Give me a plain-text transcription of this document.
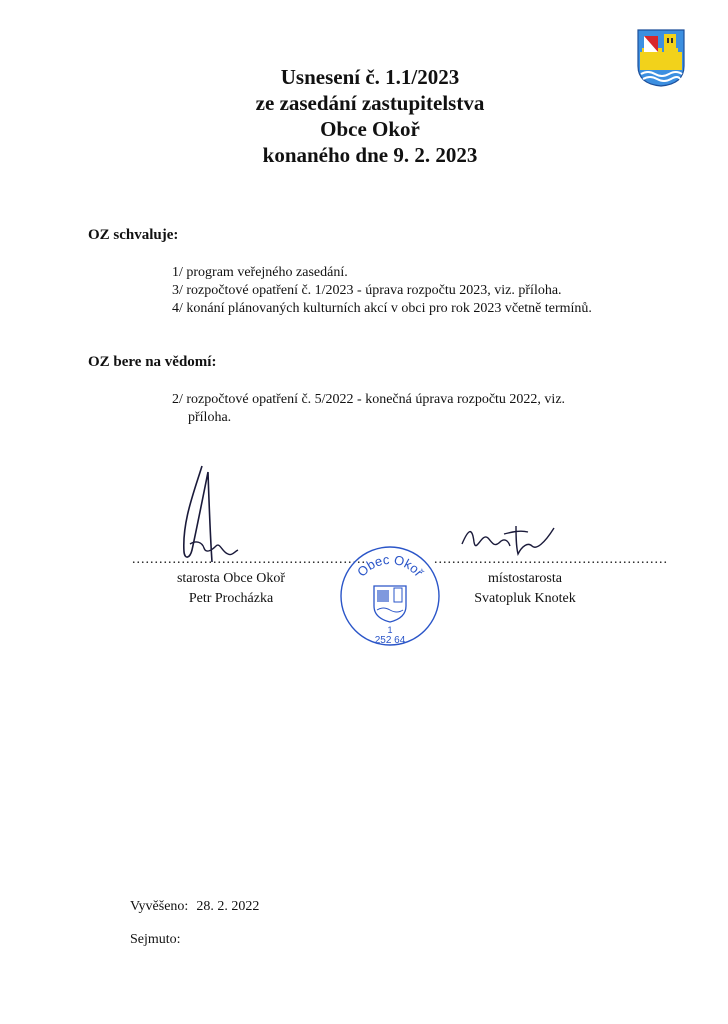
Usnesení č. 1.1/2023
ze zasedání zastupitelstva
Obce Okoř
konaného dne 9. 2. 2023
OZ schvaluje:
1/ program veřejného zasedání.
3/ rozpočtové opatření č. 1/2023 - úprava rozpočtu 2023, viz. příloha.
4/ konání plánovaných kulturních akcí v obci pro rok 2023 včetně termínů.
OZ bere na vědomí:
2/ rozpočtové opatření č. 5/2022 - konečná úprava rozpočtu 2022, viz.
příloha.
....................................................	....................................................
starosta Obce Okoř
Petr Procházka
místostarosta
Svatopluk Knotek
Obec Okoř
1
252 64
Vyvěšeno: 28. 2. 2022
Sejmuto:
